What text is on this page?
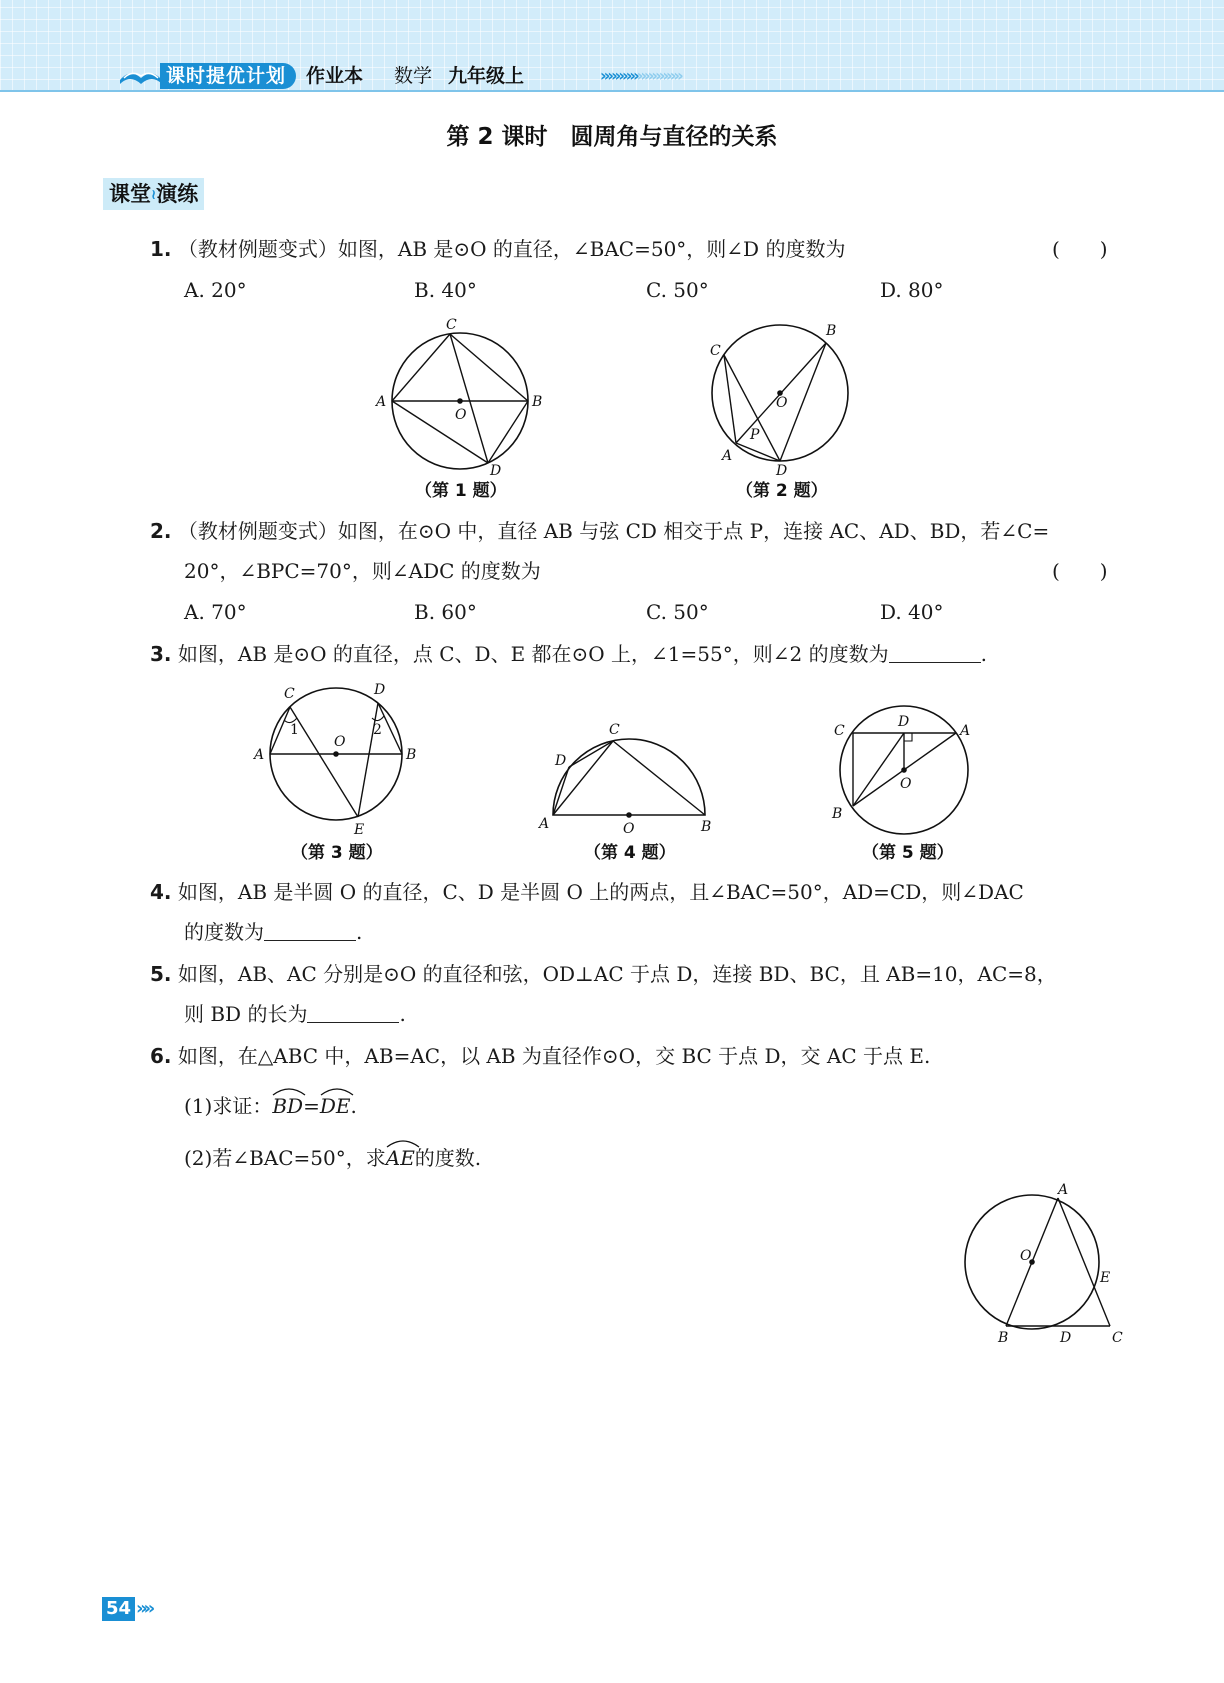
课时提优计划	作业本 数学 九年级上	»»»»»»»»»»»
第 2 课时　圆周角与直径的关系
课堂≀演练
1. （教材例题变式）如图，AB 是⊙O 的直径，∠BAC=50°，则∠D 的度数为	(　　)
A. 20°	B. 40°	C. 50°	D. 80°
C
A
O
B
D
（第 1 题）
B
C
O
P
A
D
（第 2 题）
2. （教材例题变式）如图，在⊙O 中，直径 AB 与弦 CD 相交于点 P，连接 AC、AD、BD，若∠C=
20°，∠BPC=70°，则∠ADC 的度数为	(　　)
A. 70°	B. 60°	C. 50°	D. 40°
3. 如图，AB 是⊙O 的直径，点 C、D、E 都在⊙O 上，∠1=55°，则∠2 的度数为	.
C	D
1	2
A
O
B
E
（第 3 题）
C
D
A	O	B
（第 4 题）
C
D
A
O
B
（第 5 题）
4. 如图，AB 是半圆 O 的直径，C、D 是半圆 O 上的两点，且∠BAC=50°，AD=CD，则∠DAC
的度数为	.
5. 如图，AB、AC 分别是⊙O 的直径和弦，OD⊥AC 于点 D，连接 BD、BC，且 AB=10，AC=8，
则 BD 的长为	.
6. 如图，在△ABC 中，AB=AC，以 AB 为直径作⊙O，交 BC 于点 D，交 AC 于点 E.
(1)求证：
BD=
DE.
(2)若∠BAC=50°，求
AE的度数.
A
O
E
B	D	C
54 »»
